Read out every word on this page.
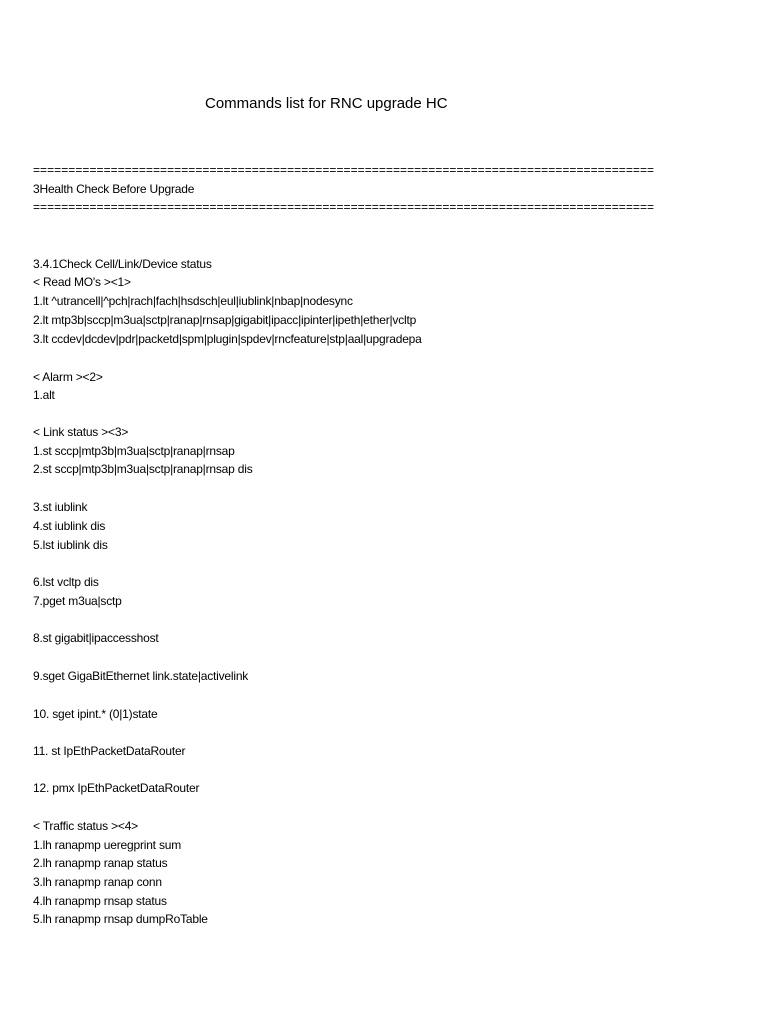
Commands list for RNC upgrade HC
========================================================================================
3Health Check Before Upgrade
========================================================================================
3.4.1Check Cell/Link/Device status
< Read MO's ><1>
1.lt ^utrancell|^pch|rach|fach|hsdsch|eul|iublink|nbap|nodesync
2.lt mtp3b|sccp|m3ua|sctp|ranap|rnsap|gigabit|ipacc|ipinter|ipeth|ether|vcltp
3.lt ccdev|dcdev|pdr|packetd|spm|plugin|spdev|rncfeature|stp|aal|upgradepa
< Alarm ><2>
1.alt
< Link status ><3>
1.st sccp|mtp3b|m3ua|sctp|ranap|rnsap
2.st sccp|mtp3b|m3ua|sctp|ranap|rnsap dis
3.st iublink
4.st iublink dis
5.lst iublink dis
6.lst vcltp dis
7.pget m3ua|sctp
8.st gigabit|ipaccesshost
9.sget GigaBitEthernet link.state|activelink
10. sget ipint.* (0|1)state
11. st IpEthPacketDataRouter
12. pmx IpEthPacketDataRouter
< Traffic status ><4>
1.lh ranapmp ueregprint sum
2.lh ranapmp ranap status
3.lh ranapmp ranap conn
4.lh ranapmp rnsap status
5.lh ranapmp rnsap dumpRoTable
